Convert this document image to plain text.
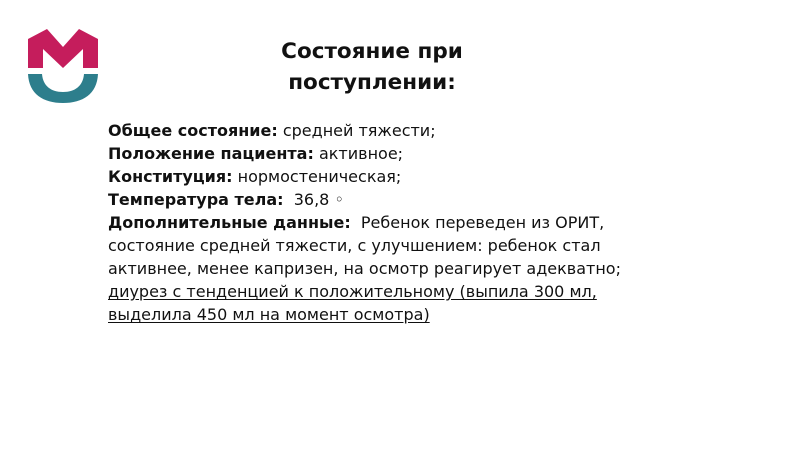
Состояние при
поступлении:
Общее состояние: средней тяжести;
Положение пациента: активное;
Конституция: нормостеническая;
Температура тела:  36,8 ◦
Дополнительные данные:  Ребенок переведен из ОРИТ,
состояние средней тяжести, с улучшением: ребенок стал
активнее, менее капризен, на осмотр реагирует адекватно;
диурез с тенденцией к положительному (выпила 300 мл,
выделила 450 мл на момент осмотра)
